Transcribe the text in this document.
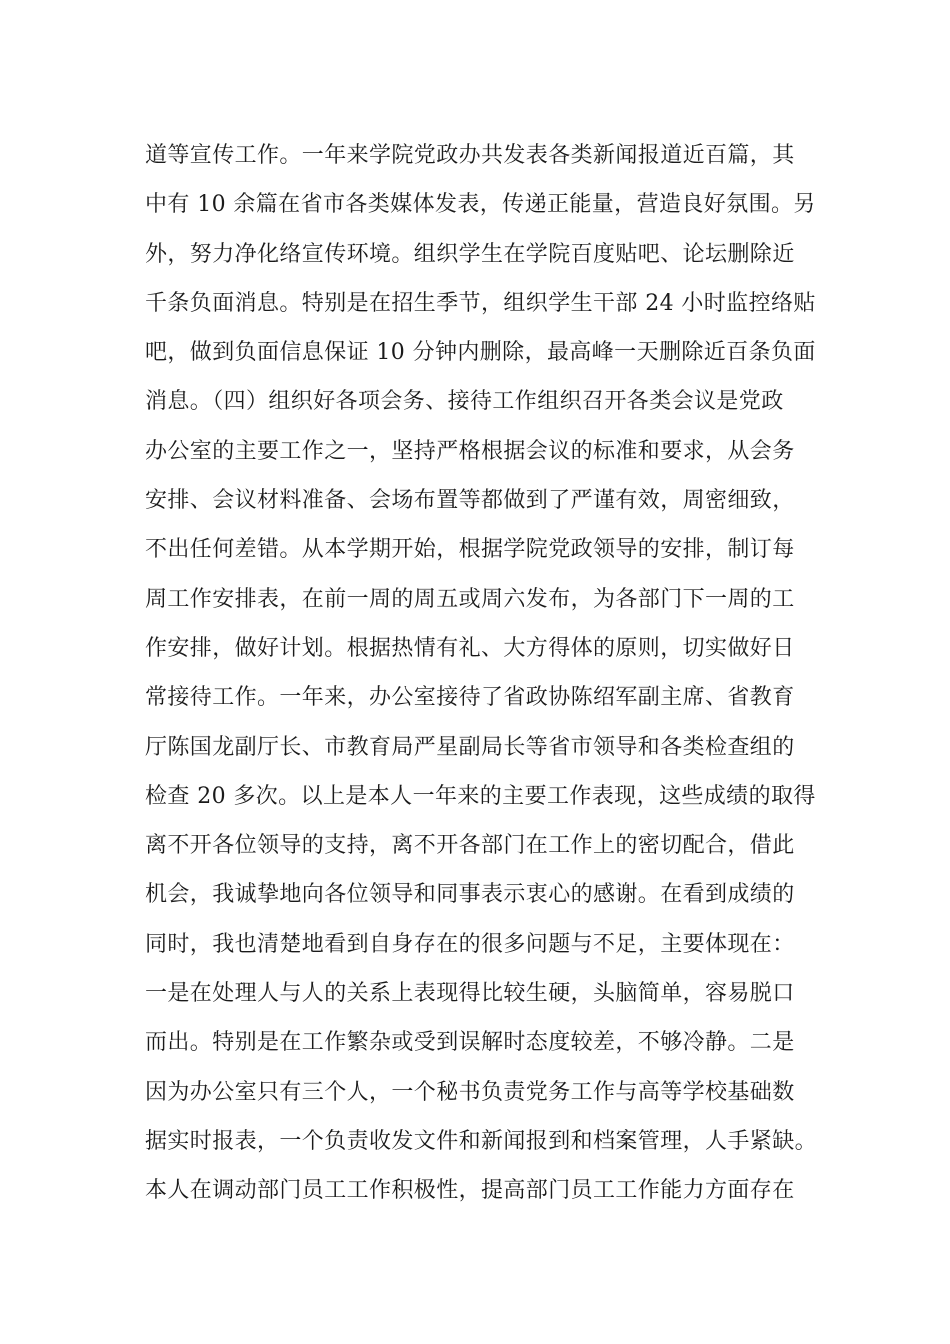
道等宣传工作。一年来学院党政办共发表各类新闻报道近百篇，其
中有 10 余篇在省市各类媒体发表，传递正能量，营造良好氛围。另
外，努力净化络宣传环境。组织学生在学院百度贴吧、论坛删除近
千条负面消息。特别是在招生季节，组织学生干部 24 小时监控络贴
吧，做到负面信息保证 10 分钟内删除，最高峰一天删除近百条负面
消息。（四）组织好各项会务、接待工作组织召开各类会议是党政
办公室的主要工作之一，坚持严格根据会议的标准和要求，从会务
安排、会议材料准备、会场布置等都做到了严谨有效，周密细致，
不出任何差错。从本学期开始，根据学院党政领导的安排，制订每
周工作安排表，在前一周的周五或周六发布，为各部门下一周的工
作安排，做好计划。根据热情有礼、大方得体的原则，切实做好日
常接待工作。一年来，办公室接待了省政协陈绍军副主席、省教育
厅陈国龙副厅长、市教育局严星副局长等省市领导和各类检查组的
检查 20 多次。以上是本人一年来的主要工作表现，这些成绩的取得
离不开各位领导的支持，离不开各部门在工作上的密切配合，借此
机会，我诚挚地向各位领导和同事表示衷心的感谢。在看到成绩的
同时，我也清楚地看到自身存在的很多问题与不足，主要体现在：
一是在处理人与人的关系上表现得比较生硬，头脑简单，容易脱口
而出。特别是在工作繁杂或受到误解时态度较差，不够冷静。二是
因为办公室只有三个人，一个秘书负责党务工作与高等学校基础数
据实时报表，一个负责收发文件和新闻报到和档案管理，人手紧缺。
本人在调动部门员工工作积极性，提高部门员工工作能力方面存在
